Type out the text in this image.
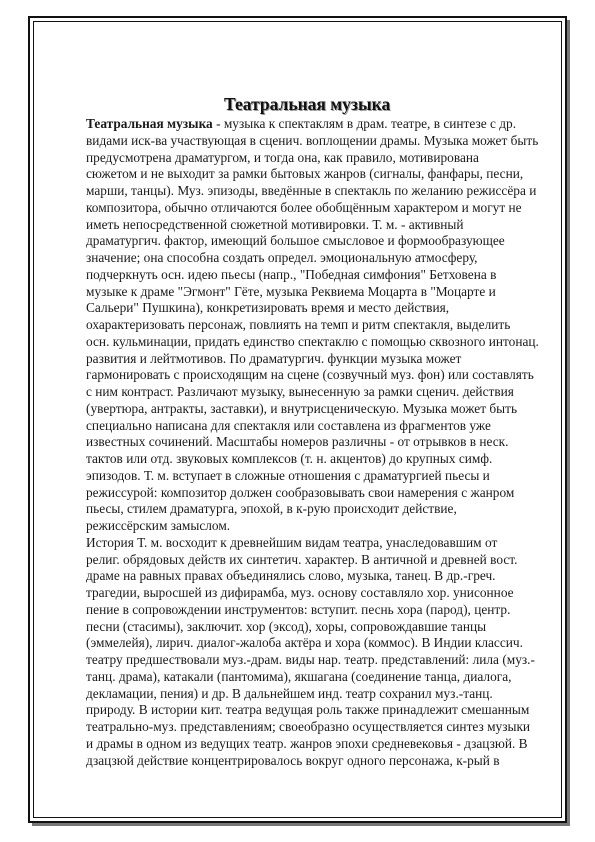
Театральная музыка
Театральная музыка - музыка к спектаклям в драм. театре, в синтезе с др.
видами иск-ва участвующая в сценич. воплощении драмы. Музыка может быть
предусмотрена драматургом, и тогда она, как правило, мотивирована
сюжетом и не выходит за рамки бытовых жанров (сигналы, фанфары, песни,
марши, танцы). Муз. эпизоды, введённые в спектакль по желанию режиссёра и
композитора, обычно отличаются более обобщённым характером и могут не
иметь непосредственной сюжетной мотивировки. Т. м. - активный
драматургич. фактор, имеющий большое смысловое и формообразующее
значение; она способна создать определ. эмоциональную атмосферу,
подчеркнуть осн. идею пьесы (напр., "Победная симфония" Бетховена в
музыке к драме "Эгмонт" Гёте, музыка Реквиема Моцарта в "Моцарте и
Сальери" Пушкина), конкретизировать время и место действия,
охарактеризовать персонаж, повлиять на темп и ритм спектакля, выделить
осн. кульминации, придать единство спектаклю с помощью сквозного интонац.
развития и лейтмотивов. По драматургич. функции музыка может
гармонировать с происходящим на сцене (созвучный муз. фон) или составлять
с ним контраст. Различают музыку, вынесенную за рамки сценич. действия
(увертюра, антракты, заставки), и внутрисценическую. Музыка может быть
специально написана для спектакля или составлена из фрагментов уже
известных сочинений. Масштабы номеров различны - от отрывков в неск.
тактов или отд. звуковых комплексов (т. н. акцентов) до крупных симф.
эпизодов. Т. м. вступает в сложные отношения с драматургией пьесы и
режиссурой: композитор должен сообразовывать свои намерения с жанром
пьесы, стилем драматурга, эпохой, в к-рую происходит действие,
режиссёрским замыслом.
История Т. м. восходит к древнейшим видам театра, унаследовавшим от
религ. обрядовых действ их синтетич. характер. В античной и древней вост.
драме на равных правах объединялись слово, музыка, танец. В др.-греч.
трагедии, выросшей из дифирамба, муз. основу составляло хор. унисонное
пение в сопровождении инструментов: вступит. песнь хора (парод), центр.
песни (стасимы), заключит. хор (эксод), хоры, сопровождавшие танцы
(эммелейя), лирич. диалог-жалоба актёра и хора (коммос). В Индии классич.
театру предшествовали муз.-драм. виды нар. театр. представлений: лила (муз.-
танц. драма), катакали (пантомима), якшагана (соединение танца, диалога,
декламации, пения) и др. В дальнейшем инд. театр сохранил муз.-танц.
природу. В истории кит. театра ведущая роль также принадлежит смешанным
театрально-муз. представлениям; своеобразно осуществляется синтез музыки
и драмы в одном из ведущих театр. жанров эпохи средневековья - дзацзюй. В
дзацзюй действие концентрировалось вокруг одного персонажа, к-рый в
